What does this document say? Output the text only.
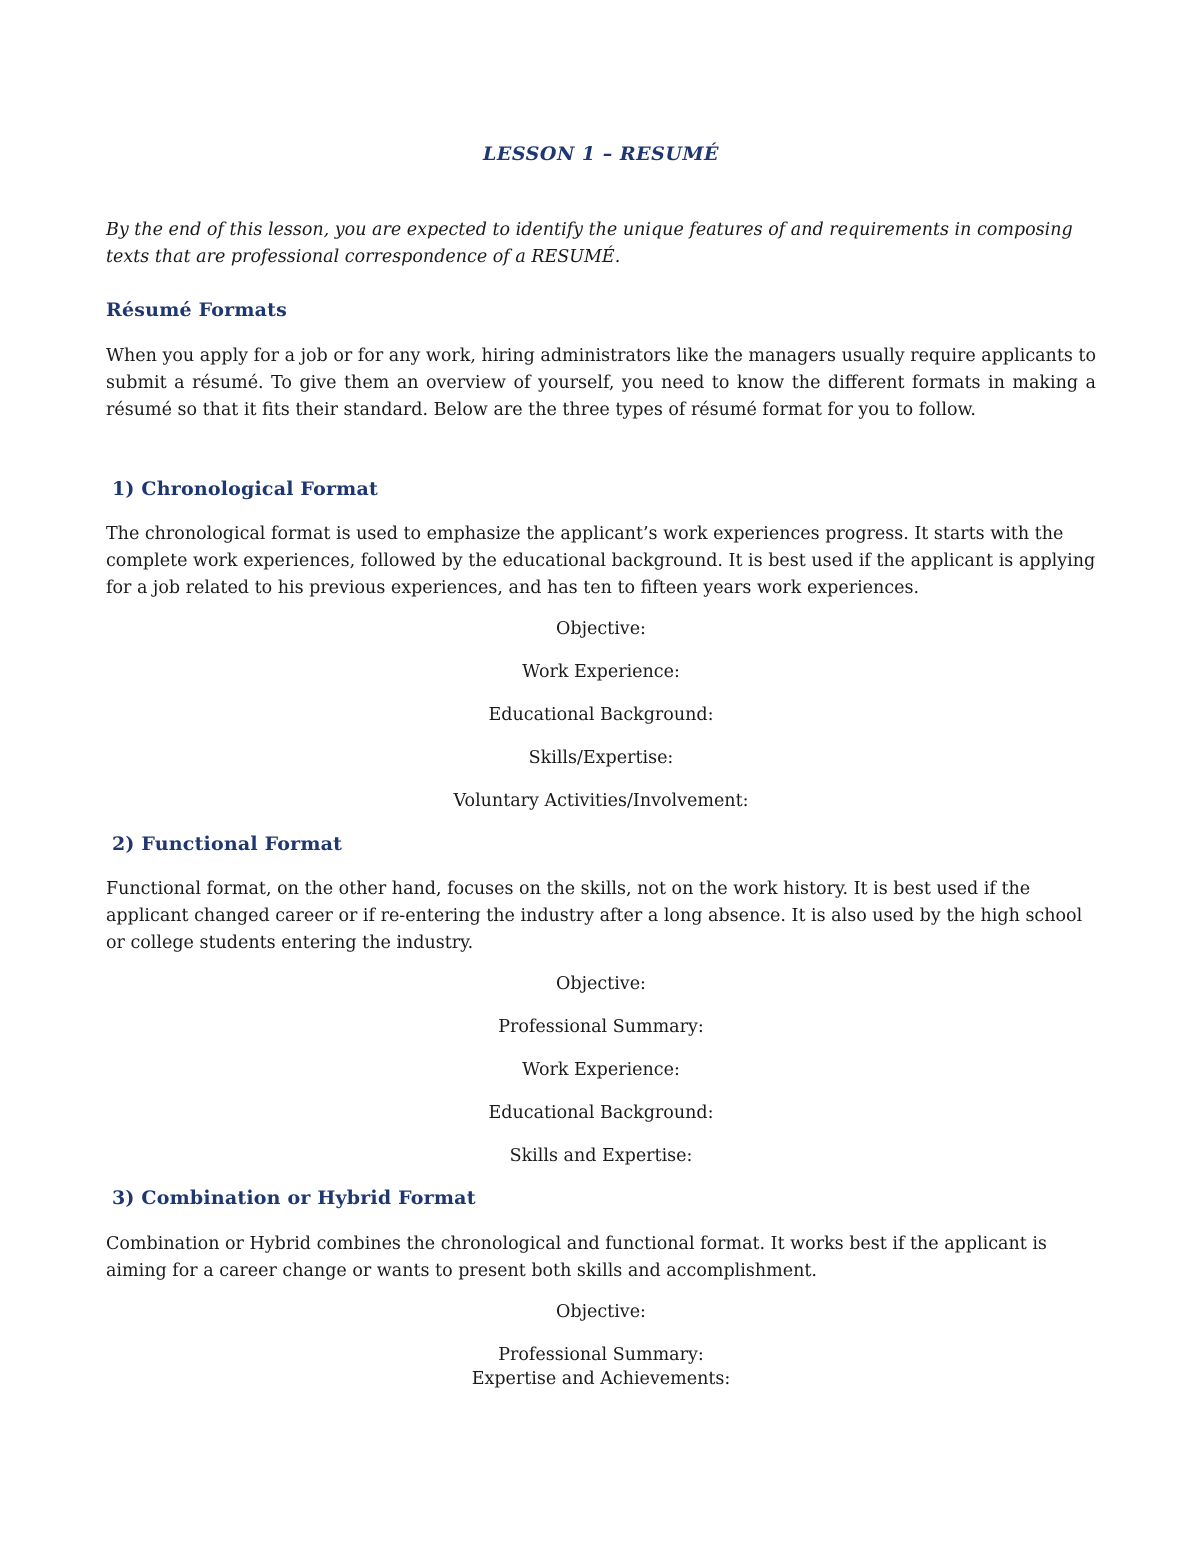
LESSON 1 – RESUMÉ
By the end of this lesson, you are expected to identify the unique features of and requirements in composing texts that are professional correspondence of a RESUMÉ.
Résumé Formats
When you apply for a job or for any work, hiring administrators like the managers usually require applicants to submit a résumé. To give them an overview of yourself, you need to know the different formats in making a résumé so that it fits their standard. Below are the three types of résumé format for you to follow.
1) Chronological Format
The chronological format is used to emphasize the applicant’s work experiences progress. It starts with the complete work experiences, followed by the educational background. It is best used if the applicant is applying for a job related to his previous experiences, and has ten to fifteen years work experiences.
Objective:
Work Experience:
Educational Background:
Skills/Expertise:
Voluntary Activities/Involvement:
2) Functional Format
Functional format, on the other hand, focuses on the skills, not on the work history. It is best used if the applicant changed career or if re-entering the industry after a long absence. It is also used by the high school or college students entering the industry.
Objective:
Professional Summary:
Work Experience:
Educational Background:
Skills and Expertise:
3) Combination or Hybrid Format
Combination or Hybrid combines the chronological and functional format. It works best if the applicant is aiming for a career change or wants to present both skills and accomplishment.
Objective:
Professional Summary:
Expertise and Achievements:
